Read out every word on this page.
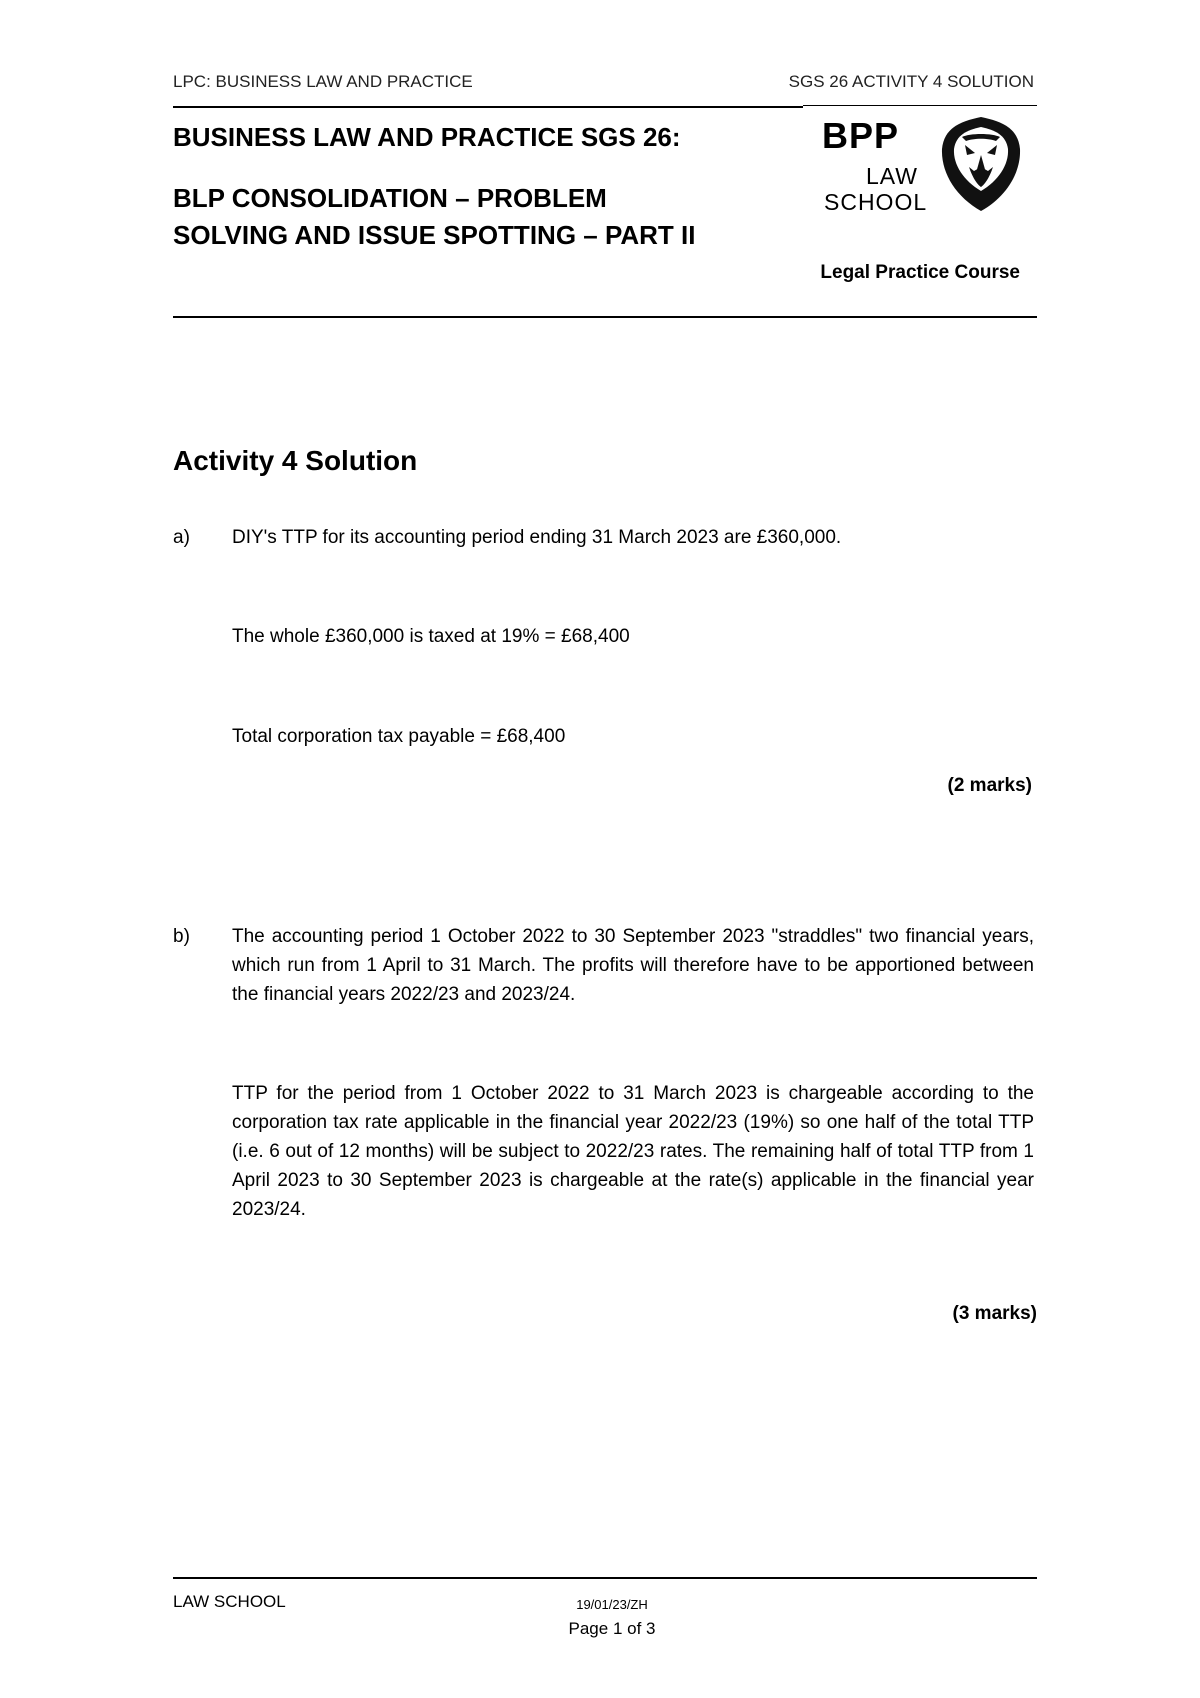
LPC: BUSINESS LAW AND PRACTICE	SGS 26 ACTIVITY 4 SOLUTION
BUSINESS LAW AND PRACTICE SGS 26:
BLP CONSOLIDATION – PROBLEM
SOLVING AND ISSUE SPOTTING – PART II
BPP
LAW
SCHOOL
Legal Practice Course
Activity 4 Solution
a) DIY's TTP for its accounting period ending 31 March 2023 are £360,000.
The whole £360,000 is taxed at 19% = £68,400
Total corporation tax payable = £68,400
(2 marks)
b) The accounting period 1 October 2022 to 30 September 2023 "straddles" two financial years, which run from 1 April to 31 March. The profits will therefore have to be apportioned between the financial years 2022/23 and 2023/24.
TTP for the period from 1 October 2022 to 31 March 2023 is chargeable according to the corporation tax rate applicable in the financial year 2022/23 (19%) so one half of the total TTP (i.e. 6 out of 12 months) will be subject to 2022/23 rates. The remaining half of total TTP from 1 April 2023 to 30 September 2023 is chargeable at the rate(s) applicable in the financial year 2023/24.
(3 marks)
LAW SCHOOL	19/01/23/ZH
Page 1 of 3
